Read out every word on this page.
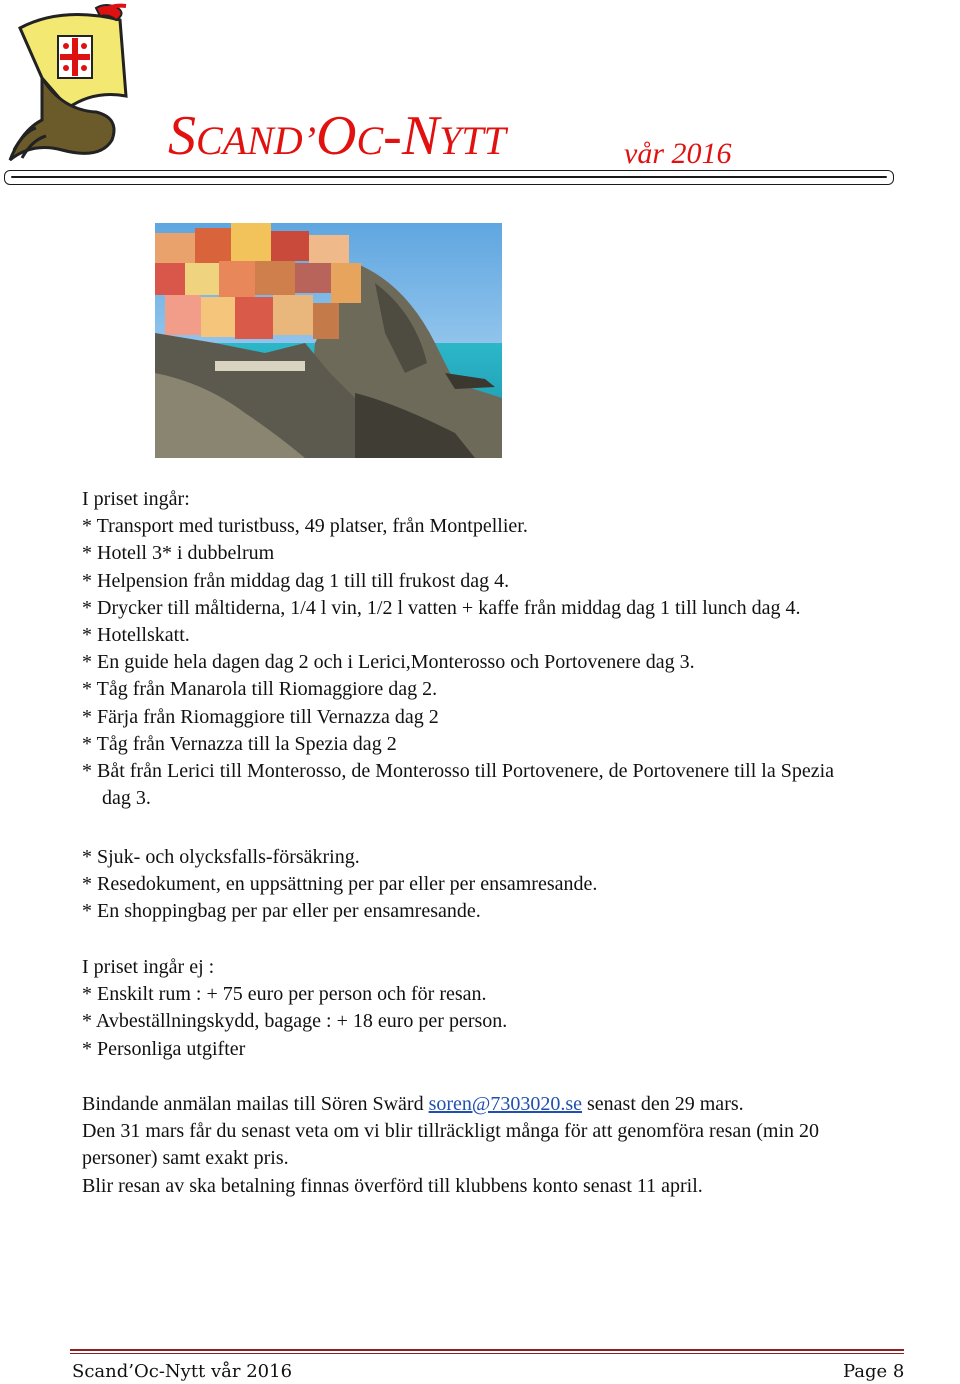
SCAND’OC-NYTT	vår 2016
I priset ingår:
* Transport med turistbuss, 49 platser, från Montpellier.
* Hotell 3* i dubbelrum
* Helpension från middag dag 1 till till frukost dag 4.
* Drycker till måltiderna, 1/4 l vin, 1/2 l vatten + kaffe från middag dag 1 till lunch dag 4.
* Hotellskatt.
* En guide hela dagen dag 2 och i Lerici,Monterosso och Portovenere dag 3.
* Tåg från Manarola till Riomaggiore dag 2.
* Färja från Riomaggiore till Vernazza dag 2
* Tåg från Vernazza till la Spezia dag 2
* Båt från Lerici till Monterosso, de Monterosso till Portovenere, de Portovenere till la Spezia
dag 3.
* Sjuk- och olycksfalls-försäkring.
* Resedokument, en uppsättning per par eller per ensamresande.
* En shoppingbag per par eller per ensamresande.
I priset ingår ej :
* Enskilt rum : + 75 euro per person och för resan.
* Avbeställningskydd, bagage : + 18 euro per person.
* Personliga utgifter
Bindande anmälan mailas till Sören Swärd soren@7303020.se senast den 29 mars.
Den 31 mars får du senast veta om vi blir tillräckligt många för att genomföra resan (min 20
personer) samt exakt pris.
Blir resan av ska betalning finnas överförd till klubbens konto senast 11 april.
Scand’Oc-Nytt vår 2016	Page 8
